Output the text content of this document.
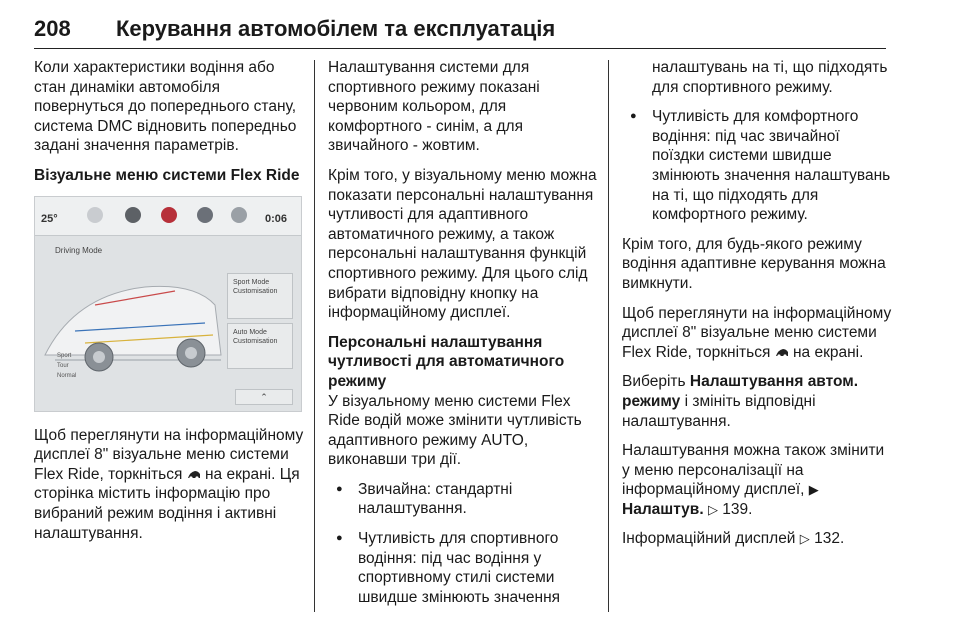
208 Керування автомобілем та експлуатація

Коли характеристики водіння або стан динаміки автомобіля повернуться до попереднього стану, система DMC відновить попередньо задані значення параметрів.

Візуальне меню системи Flex Ride

25°	0:06
Driving Mode
Sport
Tour
Normal
Sport Mode Customisation
Auto Mode Customisation
⌃

Щоб переглянути на інформаційному дисплеї 8" візуальне меню системи Flex Ride, торкніться на екрані. Ця сторінка містить інформацію про вибраний режим водіння і активні налаштування.

Налаштування системи для спортивного режиму показані червоним кольором, для комфортного - синім, а для звичайного - жовтим.

Крім того, у візуальному меню можна показати персональні налаштування чутливості для адаптивного автоматичного режиму, а також персональні налаштування функцій спортивного режиму. Для цього слід вибрати відповідну кнопку на інформаційному дисплеї.

Персональні налаштування чутливості для автоматичного режиму

У візуальному меню системи Flex Ride водій може змінити чутливість адаптивного режиму AUTO, виконавши три дії.

● Звичайна: стандартні налаштування.
● Чутливість для спортивного водіння: під час водіння у спортивному стилі системи швидше змінюють значення

налаштувань на ті, що підходять для спортивного режиму.

● Чутливість для комфортного водіння: під час звичайної поїздки системи швидше змінюють значення налаштувань на ті, що підходять для комфортного режиму.

Крім того, для будь-якого режиму водіння адаптивне керування можна вимкнути.

Щоб переглянути на інформаційному дисплеї 8" візуальне меню системи Flex Ride, торкніться на екрані.

Виберіть Налаштування автом. режиму і змініть відповідні налаштування.

Налаштування можна також змінити у меню персоналізації на інформаційному дисплеї, ▶
Налаштув. ▷ 139.

Інформаційний дисплей ▷ 132.
